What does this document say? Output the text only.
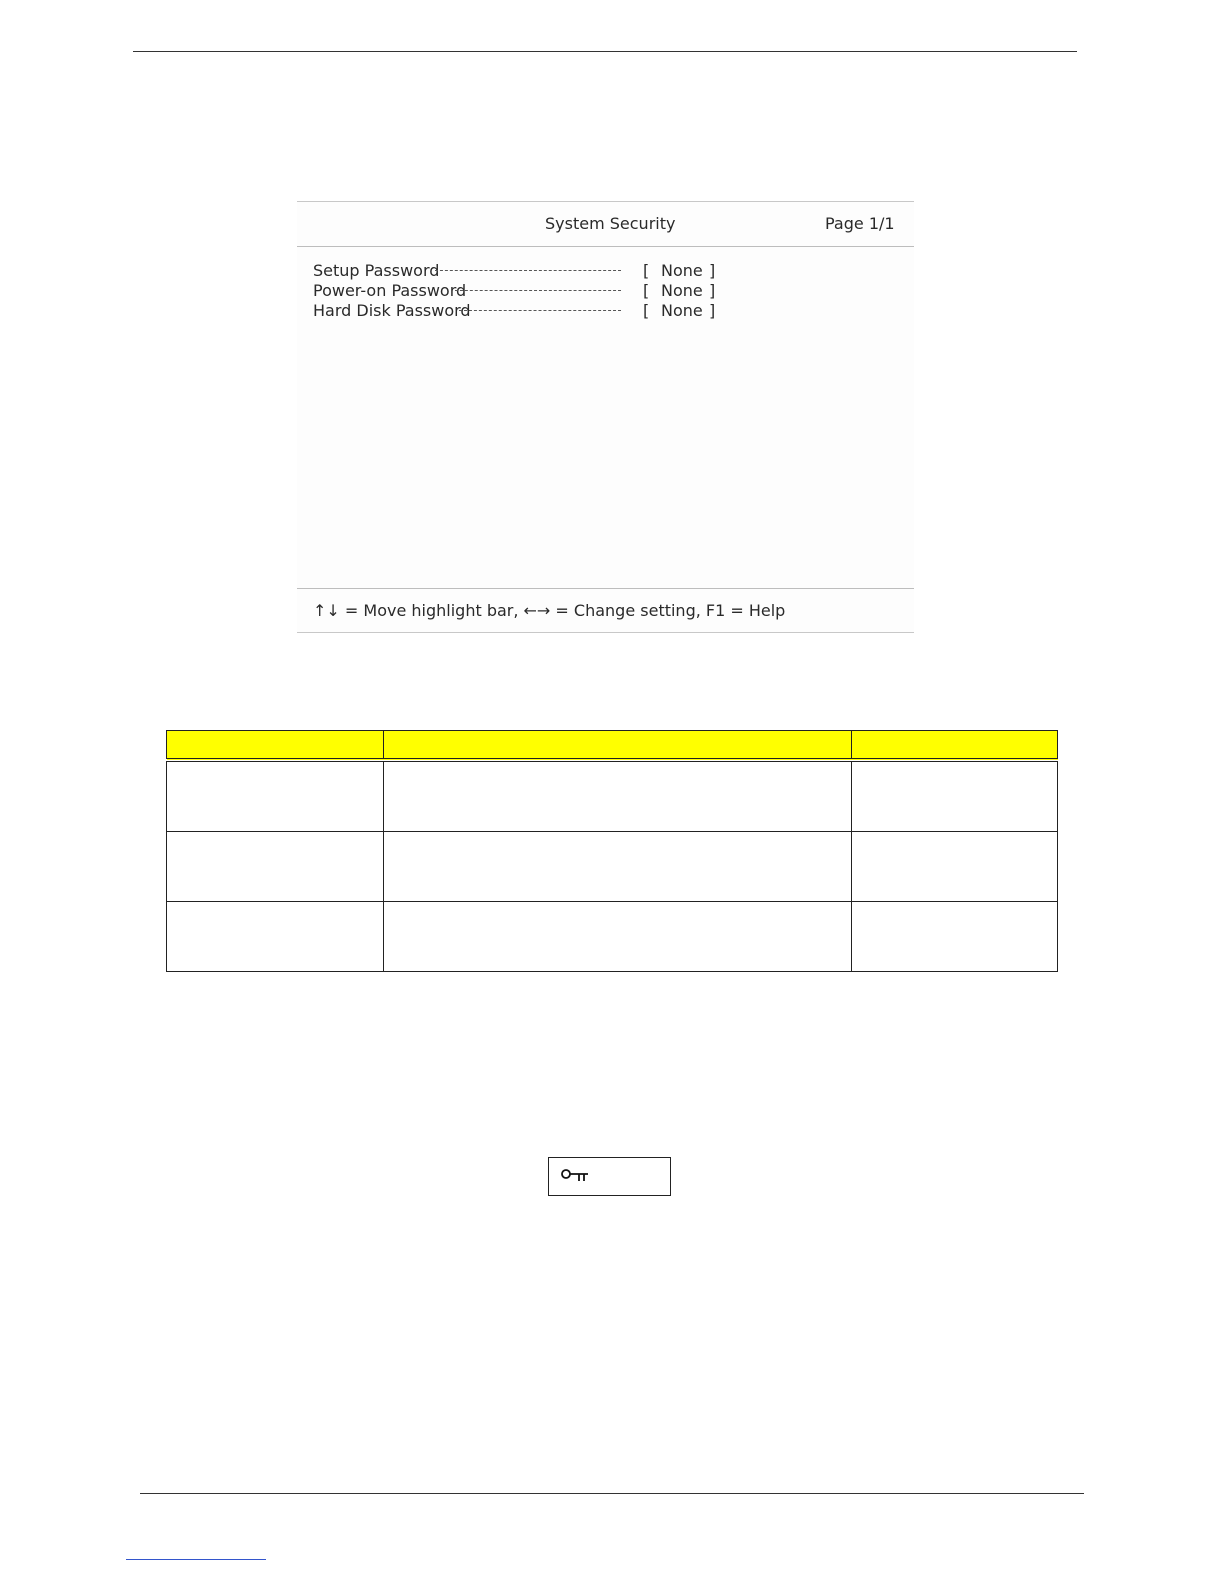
System Security	Page 1/1
Setup Password	[ None ]
Power-on Password	[ None ]
Hard Disk Password	[ None ]
↑↓ = Move highlight bar, ←→ = Change setting, F1 = Help
